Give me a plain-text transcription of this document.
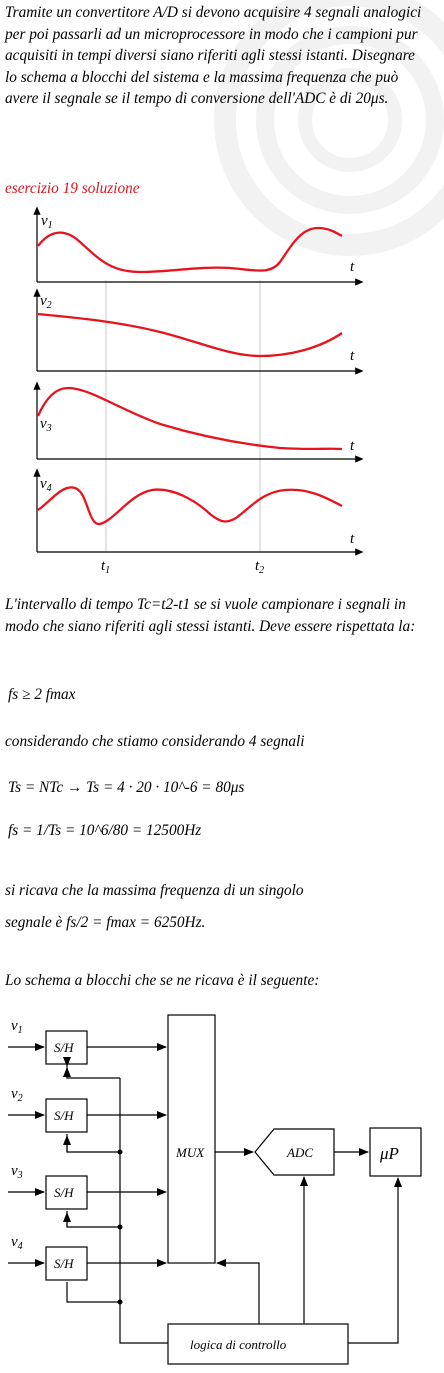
Tramite un convertitore A/D si devono acquisire 4 segnali analogici per poi passarli ad un microprocessore in modo che i campioni pur acquisiti in tempi diversi siano riferiti agli stessi istanti. Disegnare lo schema a blocchi del sistema e la massima frequenza che può avere il segnale se il tempo di conversione dell'ADC è di 20μs.

esercizio 19 soluzione
$v_1$
$v_2$
$v_3$
$v_4$
t
t
t
t
$t_1$	$t_2$

L'intervallo di tempo Tc=t2-t1 se si vuole campionare i segnali in modo che siano riferiti agli stessi istanti. Deve essere rispettata la:

fs ≥ 2 fmax
considerando che stiamo considerando 4 segnali
Ts = NTc → Ts = 4 · 20 · 10^-6 = 80μs
fs = 1/Ts = 10^6/80 = 12500Hz
si ricava che la massima frequenza di un singolo
segnale è fs/2 = fmax = 6250Hz.
Lo schema a blocchi che se ne ricava è il seguente:
$v_1$
$v_2$
$v_3$
$v_4$
S/H
S/H
S/H
S/H
MUX	ADC
logica di controllo
μP
